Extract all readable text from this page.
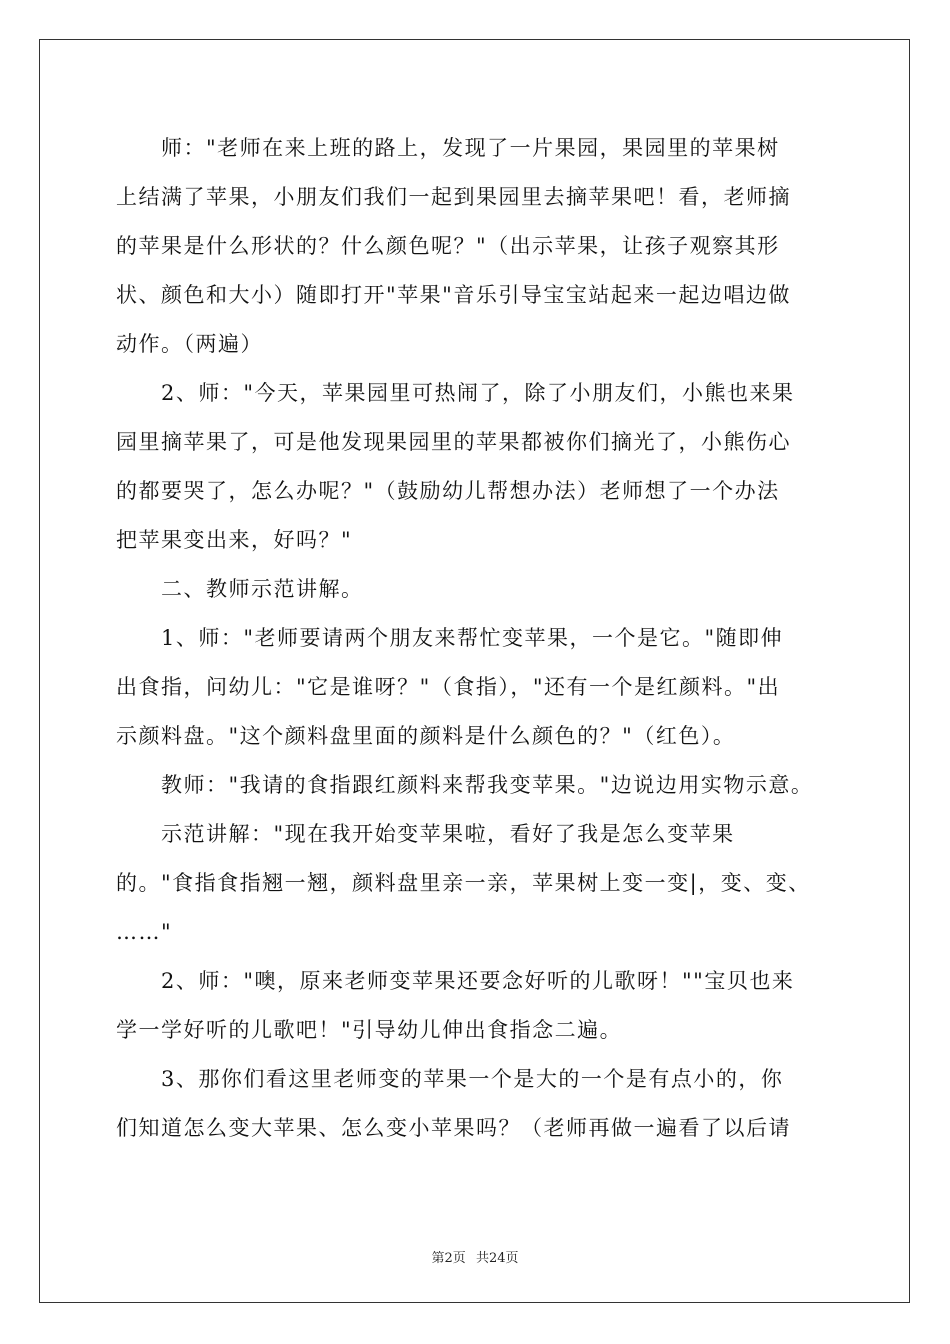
　　师："老师在来上班的路上，发现了一片果园，果园里的苹果树
上结满了苹果，小朋友们我们一起到果园里去摘苹果吧！看，老师摘
的苹果是什么形状的？什么颜色呢？"（出示苹果，让孩子观察其形
状、颜色和大小）随即打开"苹果"音乐引导宝宝站起来一起边唱边做
动作。（两遍）
　　2、师："今天，苹果园里可热闹了，除了小朋友们，小熊也来果
园里摘苹果了，可是他发现果园里的苹果都被你们摘光了，小熊伤心
的都要哭了，怎么办呢？"（鼓励幼儿帮想办法）老师想了一个办法
把苹果变出来，好吗？"
　　二、教师示范讲解。
　　1、师："老师要请两个朋友来帮忙变苹果，一个是它。"随即伸
出食指，问幼儿："它是谁呀？"（食指），"还有一个是红颜料。"出
示颜料盘。"这个颜料盘里面的颜料是什么颜色的？"（红色）。
　　教师："我请的食指跟红颜料来帮我变苹果。"边说边用实物示意。
　　示范讲解："现在我开始变苹果啦，看好了我是怎么变苹果
的。"食指食指翘一翘，颜料盘里亲一亲，苹果树上变一变|，变、变、
……"
　　2、师："噢，原来老师变苹果还要念好听的儿歌呀！""宝贝也来
学一学好听的儿歌吧！"引导幼儿伸出食指念二遍。
　　3、那你们看这里老师变的苹果一个是大的一个是有点小的，你
们知道怎么变大苹果、怎么变小苹果吗？（老师再做一遍看了以后请
第2页 共24页
